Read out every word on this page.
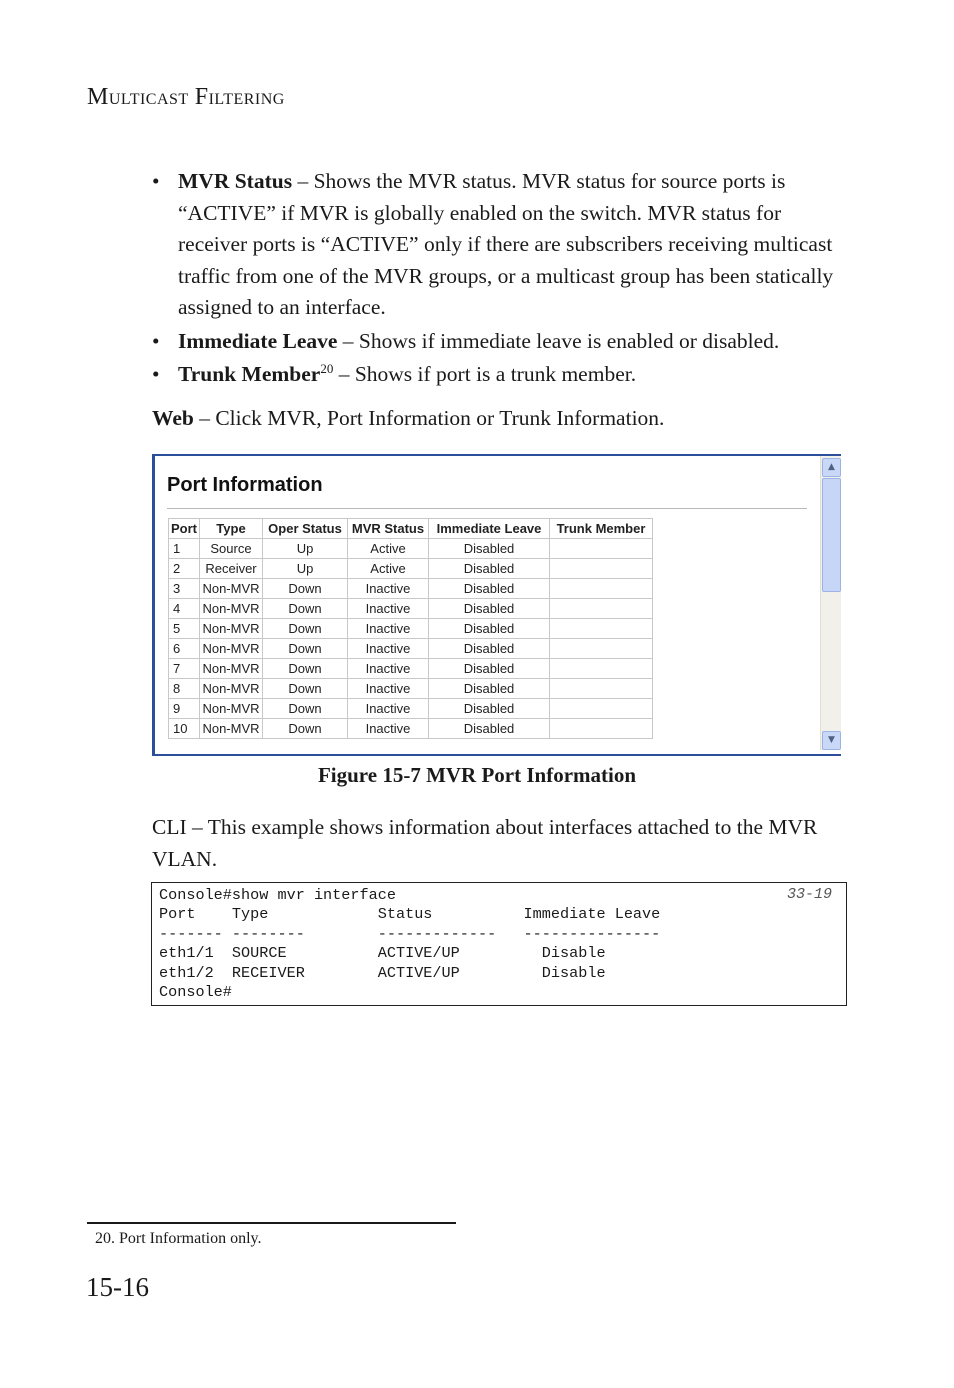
MULTICAST FILTERING
• MVR Status – Shows the MVR status. MVR status for source ports is “ACTIVE” if MVR is globally enabled on the switch. MVR status for receiver ports is “ACTIVE” only if there are subscribers receiving multicast traffic from one of the MVR groups, or a multicast group has been statically assigned to an interface.
• Immediate Leave – Shows if immediate leave is enabled or disabled.
• Trunk Member$^{20}$ – Shows if port is a trunk member.
Web – Click MVR, Port Information or Trunk Information.
Port Information
Port	Type	Oper Status	MVR Status	Immediate Leave	Trunk Member
1	Source	Up	Active	Disabled	
2	Receiver	Up	Active	Disabled	
3	Non-MVR	Down	Inactive	Disabled	
4	Non-MVR	Down	Inactive	Disabled	
5	Non-MVR	Down	Inactive	Disabled	
6	Non-MVR	Down	Inactive	Disabled	
7	Non-MVR	Down	Inactive	Disabled	
8	Non-MVR	Down	Inactive	Disabled	
9	Non-MVR	Down	Inactive	Disabled	
10	Non-MVR	Down	Inactive	Disabled	
▲
▼
Figure 15-7 MVR Port Information
CLI – This example shows information about interfaces attached to the MVR VLAN.
Console#show mvr interface
Port    Type            Status          Immediate Leave
------- --------        -------------   ---------------
eth1/1  SOURCE          ACTIVE/UP         Disable
eth1/2  RECEIVER        ACTIVE/UP         Disable
Console#
33-19
20. Port Information only.
15-16
